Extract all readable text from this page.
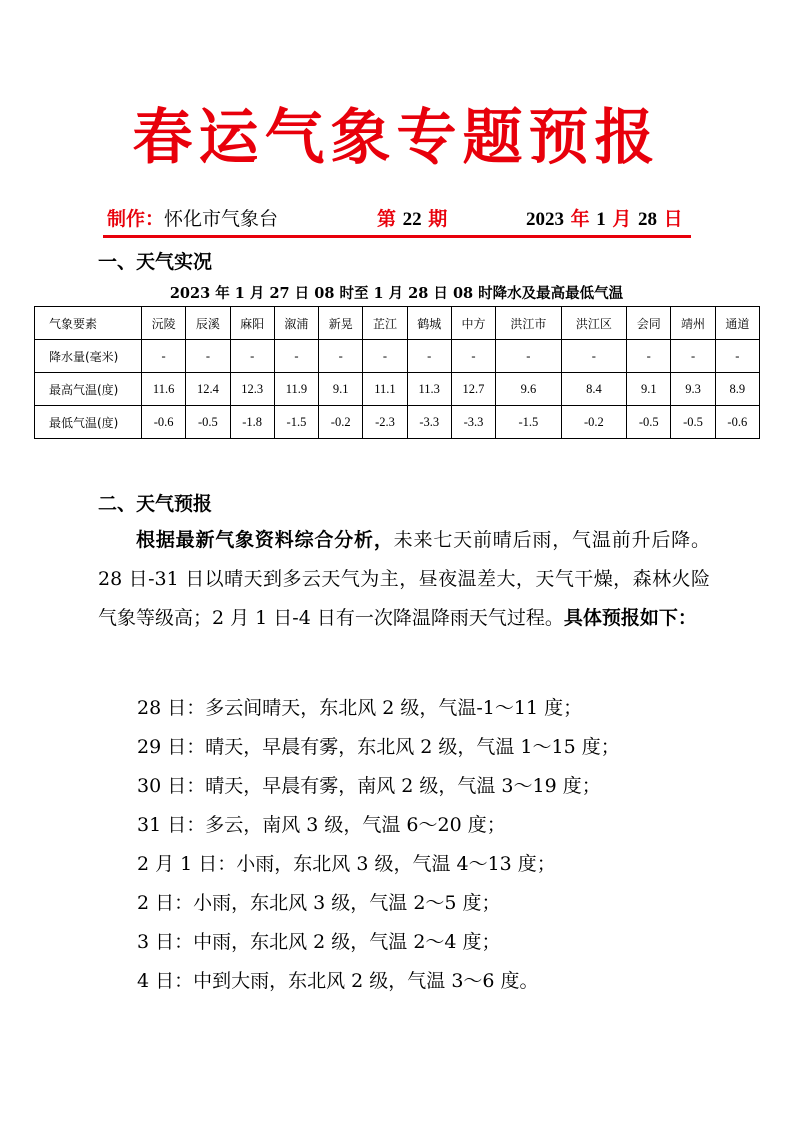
春运气象专题预报
制作：怀化市气象台	第 22 期	2023 年 1 月 28 日
一、天气实况
2023 年 1 月 27 日 08 时至 1 月 28 日 08 时降水及最高最低气温
气象要素	沅陵	辰溪	麻阳	溆浦	新晃	芷江	鹤城	中方	洪江市	洪江区	会同	靖州	通道
降水量(毫米)	-	-	-	-	-	-	-	-	-	-	-	-	-
最高气温(度)	11.6	12.4	12.3	11.9	9.1	11.1	11.3	12.7	9.6	8.4	9.1	9.3	8.9
最低气温(度)	-0.6	-0.5	-1.8	-1.5	-0.2	-2.3	-3.3	-3.3	-1.5	-0.2	-0.5	-0.5	-0.6
二、天气预报

根据最新气象资料综合分析，未来七天前晴后雨，气温前升后降。28 日-31 日以晴天到多云天气为主，昼夜温差大，天气干燥，森林火险气象等级高；2 月 1 日-4 日有一次降温降雨天气过程。具体预报如下：

28 日：多云间晴天，东北风 2 级，气温-1～11 度；
29 日：晴天，早晨有雾，东北风 2 级，气温 1～15 度；
30 日：晴天，早晨有雾，南风 2 级，气温 3～19 度；
31 日：多云，南风 3 级，气温 6～20 度；
2 月 1 日：小雨，东北风 3 级，气温 4～13 度；
2 日：小雨，东北风 3 级，气温 2～5 度；
3 日：中雨，东北风 2 级，气温 2～4 度；
4 日：中到大雨，东北风 2 级，气温 3～6 度。
